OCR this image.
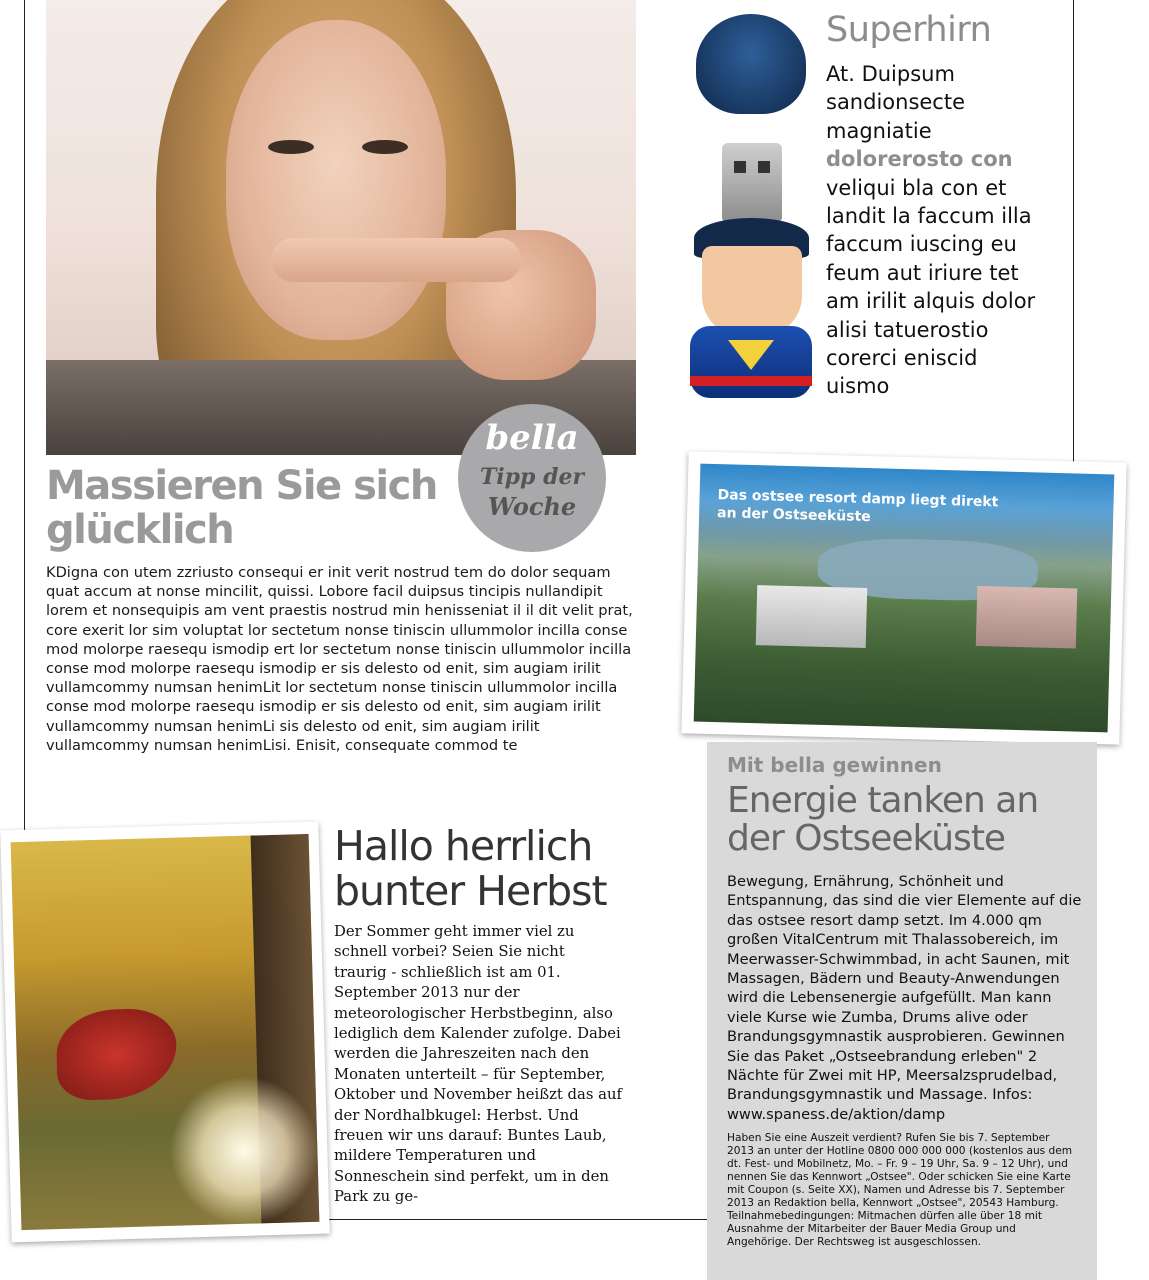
bella
Tipp der
Woche
Massieren Sie sich glücklich

KDigna con utem zzriusto consequi er init verit nostrud tem do dolor sequam quat accum at nonse mincilit, quissi. Lobore facil duipsus tincipis nullandipit lorem et nonsequipis am vent praestis nostrud min henisseniat il il dit velit prat, core exerit lor sim voluptat lor sectetum nonse tiniscin ullummolor incilla conse mod molorpe raesequ ismodip ert lor sectetum nonse tiniscin ullummolor incilla conse mod molorpe raesequ ismodip er sis delesto od enit, sim augiam irilit vullamcommy numsan henimLit lor sectetum nonse tiniscin ullummolor incilla conse mod molorpe raesequ ismodip er sis delesto od enit, sim augiam irilit vullamcommy numsan henimLi sis delesto od enit, sim augiam irilit vullamcommy numsan henimLisi. Enisit, consequate commod te

Superhirn

At. Duipsum sandionsecte magniatie dolorerosto con veliqui bla con et landit la faccum illa faccum iuscing eu feum aut iriure tet am irilit alquis dolor alisi tatuerostio corerci eniscid uismo

Das ostsee resort damp liegt direkt an der Ostseeküste
Mit bella gewinnen
Energie tanken an der Ostseeküste

Bewegung, Ernährung, Schönheit und Entspannung, das sind die vier Elemente auf die das ostsee resort damp setzt. Im 4.000 qm großen VitalCentrum mit Thalassobereich, im Meerwasser-Schwimmbad, in acht Saunen, mit Massagen, Bädern und Beauty-Anwendungen wird die Lebensenergie aufgefüllt. Man kann viele Kurse wie Zumba, Drums alive oder Brandungsgymnastik ausprobieren. Gewinnen Sie das Paket „Ostseebrandung erleben" 2 Nächte für Zwei mit HP, Meersalzsprudelbad, Brandungsgymnastik und Massage. Infos: www.spaness.de/aktion/damp

Haben Sie eine Auszeit verdient? Rufen Sie bis 7. September 2013 an unter der Hotline 0800 000 000 000 (kostenlos aus dem dt. Fest- und Mobilnetz, Mo. – Fr. 9 – 19 Uhr, Sa. 9 – 12 Uhr), und nennen Sie das Kennwort „Ostsee". Oder schicken Sie eine Karte mit Coupon (s. Seite XX), Namen und Adresse bis 7. September 2013 an Redaktion bella, Kennwort „Ostsee", 20543 Hamburg. Teilnahmebedingungen: Mitmachen dürfen alle über 18 mit Ausnahme der Mitarbeiter der Bauer Media Group und Angehörige. Der Rechtsweg ist ausgeschlossen.

Hallo herrlich bunter Herbst

Der Sommer geht immer viel zu schnell vorbei? Seien Sie nicht traurig - schließlich ist am 01. September 2013 nur der meteorologischer Herbstbeginn, also lediglich dem Kalender zufolge. Dabei werden die Jahreszeiten nach den Monaten unterteilt – für September, Oktober und November heißzt das auf der Nordhalbkugel: Herbst. Und freuen wir uns darauf: Buntes Laub, mildere Temperaturen und Sonneschein sind perfekt, um in den Park zu ge-
